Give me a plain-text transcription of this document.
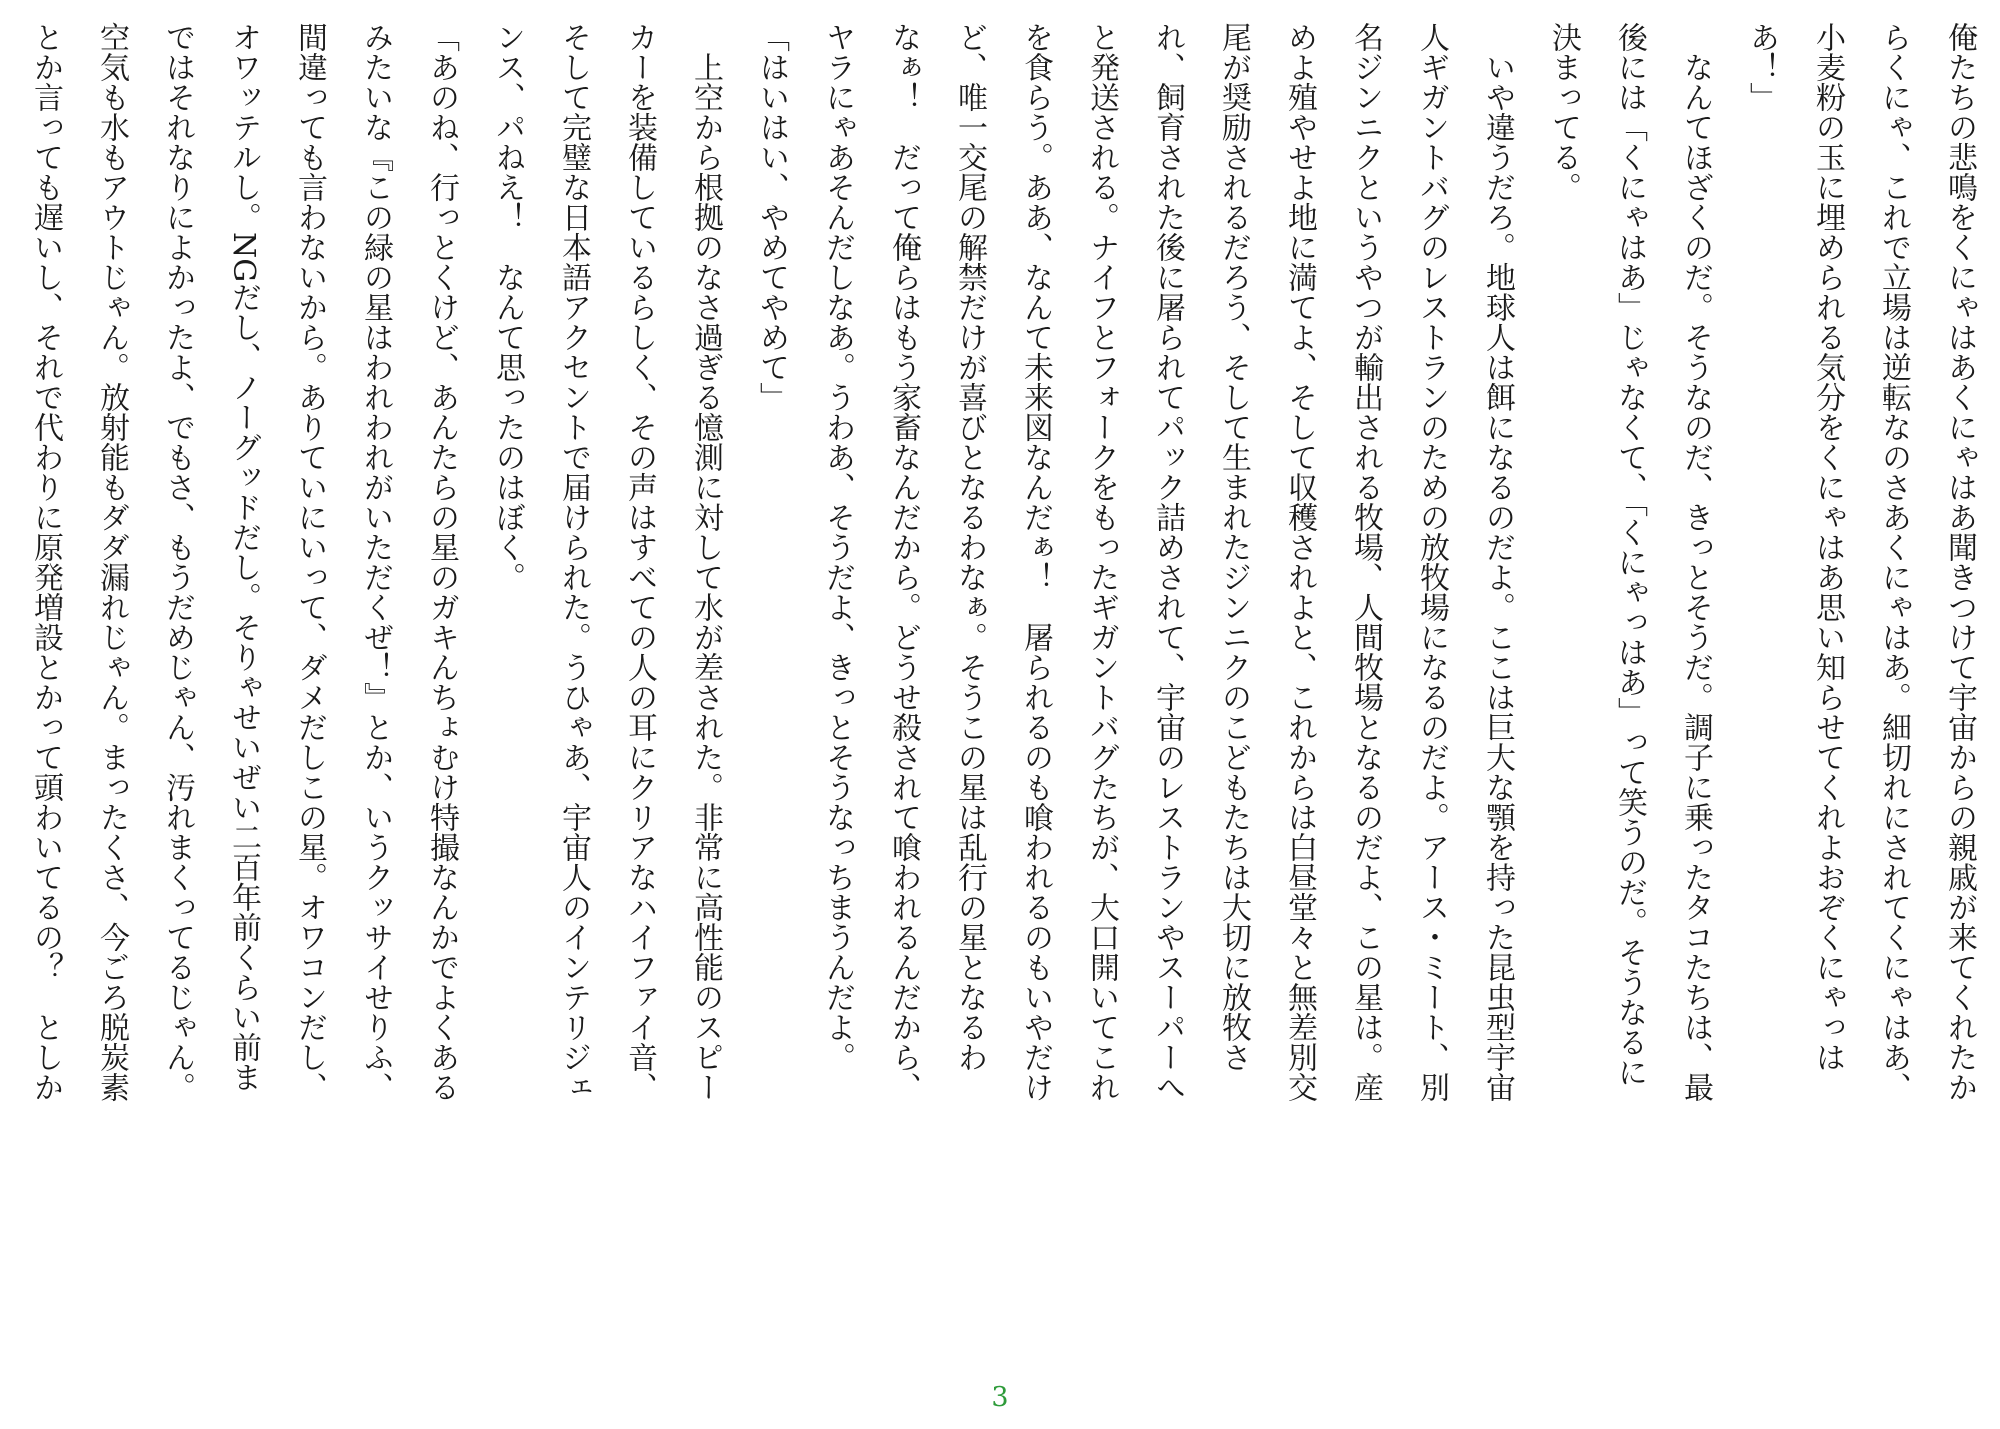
俺たちの悲鳴をくにゃはあくにゃはあ聞きつけて宇宙からの親戚が来てくれたか
らくにゃ、これで立場は逆転なのさあくにゃはあ。細切れにされてくにゃはあ、
小麦粉の玉に埋められる気分をくにゃはあ思い知らせてくれよおぞくにゃっは
あ！」

なんてほざくのだ。そうなのだ、きっとそうだ。調子に乗ったタコたちは、最
後には「くにゃはあ」じゃなくて、「くにゃっはあ」って笑うのだ。そうなるに
決まってる。

いや違うだろ。地球人は餌になるのだよ。ここは巨大な顎を持った昆虫型宇宙
人ギガントバグのレストランのための放牧場になるのだよ。アース・ミート、別
名ジンニクというやつが輸出される牧場、人間牧場となるのだよ、この星は。産
めよ殖やせよ地に満てよ、そして収穫されよと、これからは白昼堂々と無差別交
尾が奨励されるだろう、そして生まれたジンニクのこどもたちは大切に放牧さ
れ、飼育された後に屠られてパック詰めされて、宇宙のレストランやスーパーへ
と発送される。ナイフとフォークをもったギガントバグたちが、大口開いてこれ
を食らう。ああ、なんて未来図なんだぁ！　屠られるのも喰われるのもいやだけ
ど、唯一交尾の解禁だけが喜びとなるわなぁ。そうこの星は乱行の星となるわ
なぁ！　だって俺らはもう家畜なんだから。どうせ殺されて喰われるんだから、
ヤラにゃあそんだしなあ。うわあ、そうだよ、きっとそうなっちまうんだよ。

「はいはい、やめてやめて」

上空から根拠のなさ過ぎる憶測に対して水が差された。非常に高性能のスピー
カーを装備しているらしく、その声はすべての人の耳にクリアなハイファイ音、
そして完璧な日本語アクセントで届けられた。うひゃあ、宇宙人のインテリジェ
ンス、パねえ！　なんて思ったのはぼく。

「あのね、行っとくけど、あんたらの星のガキんちょむけ特撮なんかでよくある
みたいな『この緑の星はわれわれがいただくぜ！』とか、いうクッサイせりふ、
間違っても言わないから。ありていにいって、ダメだしこの星。オワコンだし、
オワッテルし。NGだし、ノーグッドだし。そりゃせいぜい二百年前くらい前ま
ではそれなりによかったよ、でもさ、もうだめじゃん、汚れまくってるじゃん。
空気も水もアウトじゃん。放射能もダダ漏れじゃん。まったくさ、今ごろ脱炭素
とか言っても遅いし、それで代わりに原発増設とかって頭わいてるの？　としか

3
